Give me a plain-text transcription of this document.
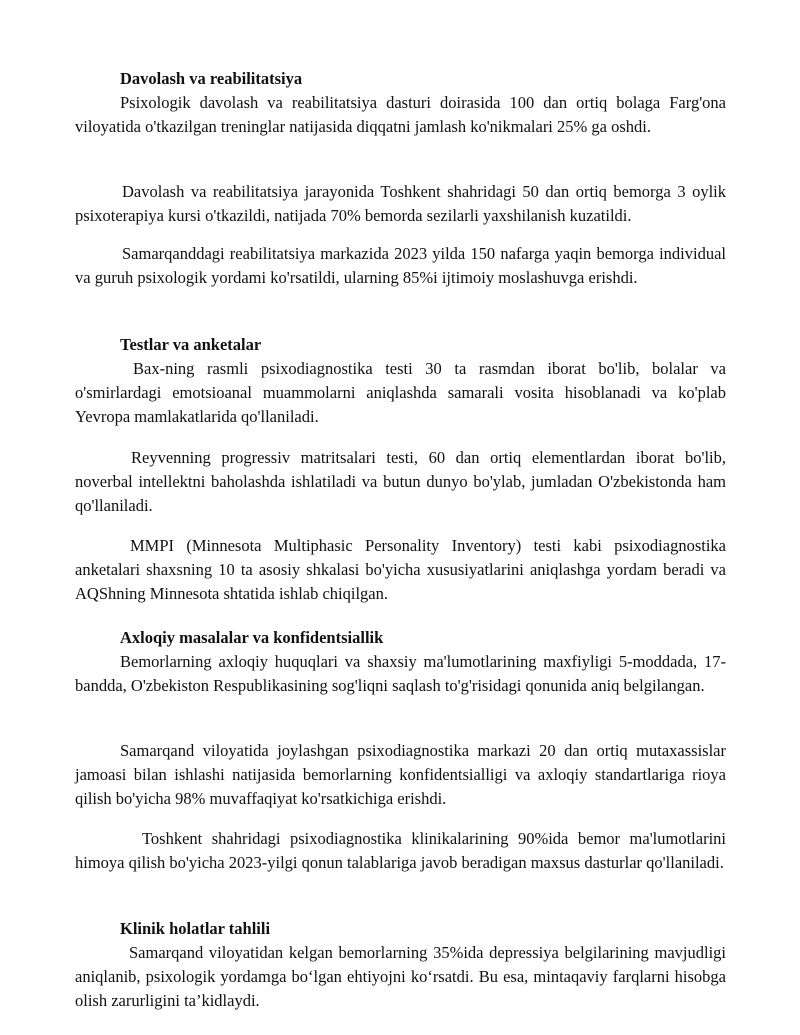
Davolash va reabilitatsiya

Psixologik davolash va reabilitatsiya dasturi doirasida 100 dan ortiq bolaga Farg'ona viloyatida o'tkazilgan treninglar natijasida diqqatni jamlash ko'nikmalari 25% ga oshdi.

Davolash va reabilitatsiya jarayonida Toshkent shahridagi 50 dan ortiq bemorga 3 oylik psixoterapiya kursi o'tkazildi, natijada 70% bemorda sezilarli yaxshilanish kuzatildi.

Samarqanddagi reabilitatsiya markazida 2023 yilda 150 nafarga yaqin bemorga individual va guruh psixologik yordami ko'rsatildi, ularning 85%i ijtimoiy moslashuvga erishdi.

Testlar va anketalar

Bax-ning rasmli psixodiagnostika testi 30 ta rasmdan iborat bo'lib, bolalar va o'smirlardagi emotsioanal muammolarni aniqlashda samarali vosita hisoblanadi va ko'plab Yevropa mamlakatlarida qo'llaniladi.

Reyvenning progressiv matritsalari testi, 60 dan ortiq elementlardan iborat bo'lib, noverbal intellektni baholashda ishlatiladi va butun dunyo bo'ylab, jumladan O'zbekistonda ham qo'llaniladi.

MMPI (Minnesota Multiphasic Personality Inventory) testi kabi psixodiagnostika anketalari shaxsning 10 ta asosiy shkalasi bo'yicha xususiyatlarini aniqlashga yordam beradi va AQShning Minnesota shtatida ishlab chiqilgan.

Axloqiy masalalar va konfidentsiallik

Bemorlarning axloqiy huquqlari va shaxsiy ma'lumotlarining maxfiyligi 5-moddada, 17-bandda, O'zbekiston Respublikasining sog'liqni saqlash to'g'risidagi qonunida aniq belgilangan.

Samarqand viloyatida joylashgan psixodiagnostika markazi 20 dan ortiq mutaxassislar jamoasi bilan ishlashi natijasida bemorlarning konfidentsialligi va axloqiy standartlariga rioya qilish bo'yicha 98% muvaffaqiyat ko'rsatkichiga erishdi.

Toshkent shahridagi psixodiagnostika klinikalarining 90%ida bemor ma'lumotlarini himoya qilish bo'yicha 2023-yilgi qonun talablariga javob beradigan maxsus dasturlar qo'llaniladi.

Klinik holatlar tahlili

Samarqand viloyatidan kelgan bemorlarning 35%ida depressiya belgilarining mavjudligi aniqlanib, psixologik yordamga bo‘lgan ehtiyojni ko‘rsatdi. Bu esa, mintaqaviy farqlarni hisobga olish zarurligini ta’kidlaydi.
